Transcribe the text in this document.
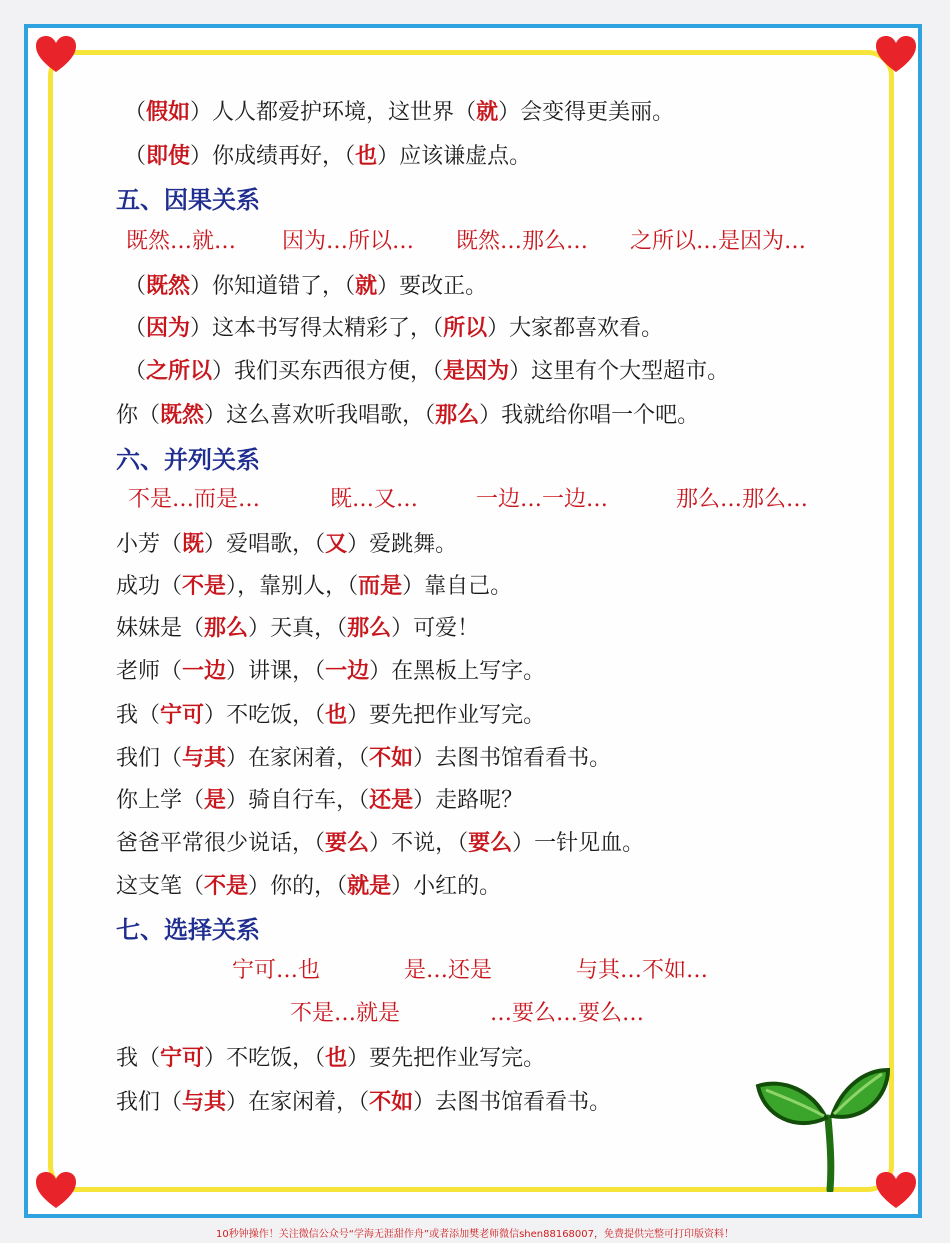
（假如）人人都爱护环境，这世界（就）会变得更美丽。
（即使）你成绩再好，（也）应该谦虚点。
五、因果关系
既然…就… 因为…所以… 既然…那么… 之所以…是因为…
（既然）你知道错了，（就）要改正。
（因为）这本书写得太精彩了，（所以）大家都喜欢看。
（之所以）我们买东西很方便，（是因为）这里有个大型超市。
你（既然）这么喜欢听我唱歌，（那么）我就给你唱一个吧。
六、并列关系
不是…而是…	既…又…	一边…一边…	那么…那么…
小芳（既）爱唱歌，（又）爱跳舞。
成功（不是），靠别人，（而是）靠自己。
妹妹是（那么）天真，（那么）可爱！
老师（一边）讲课，（一边）在黑板上写字。
我（宁可）不吃饭，（也）要先把作业写完。
我们（与其）在家闲着，（不如）去图书馆看看书。
你上学（是）骑自行车，（还是）走路呢？
爸爸平常很少说话，（要么）不说，（要么）一针见血。
这支笔（不是）你的，（就是）小红的。
七、选择关系
宁可…也	是…还是	与其…不如…
不是…就是	…要么…要么…
我（宁可）不吃饭，（也）要先把作业写完。
我们（与其）在家闲着，（不如）去图书馆看看书。
10秒钟操作！关注微信公众号“学海无涯甜作舟”或者添加樊老师微信shen88168007，免费提供完整可打印版资料！
